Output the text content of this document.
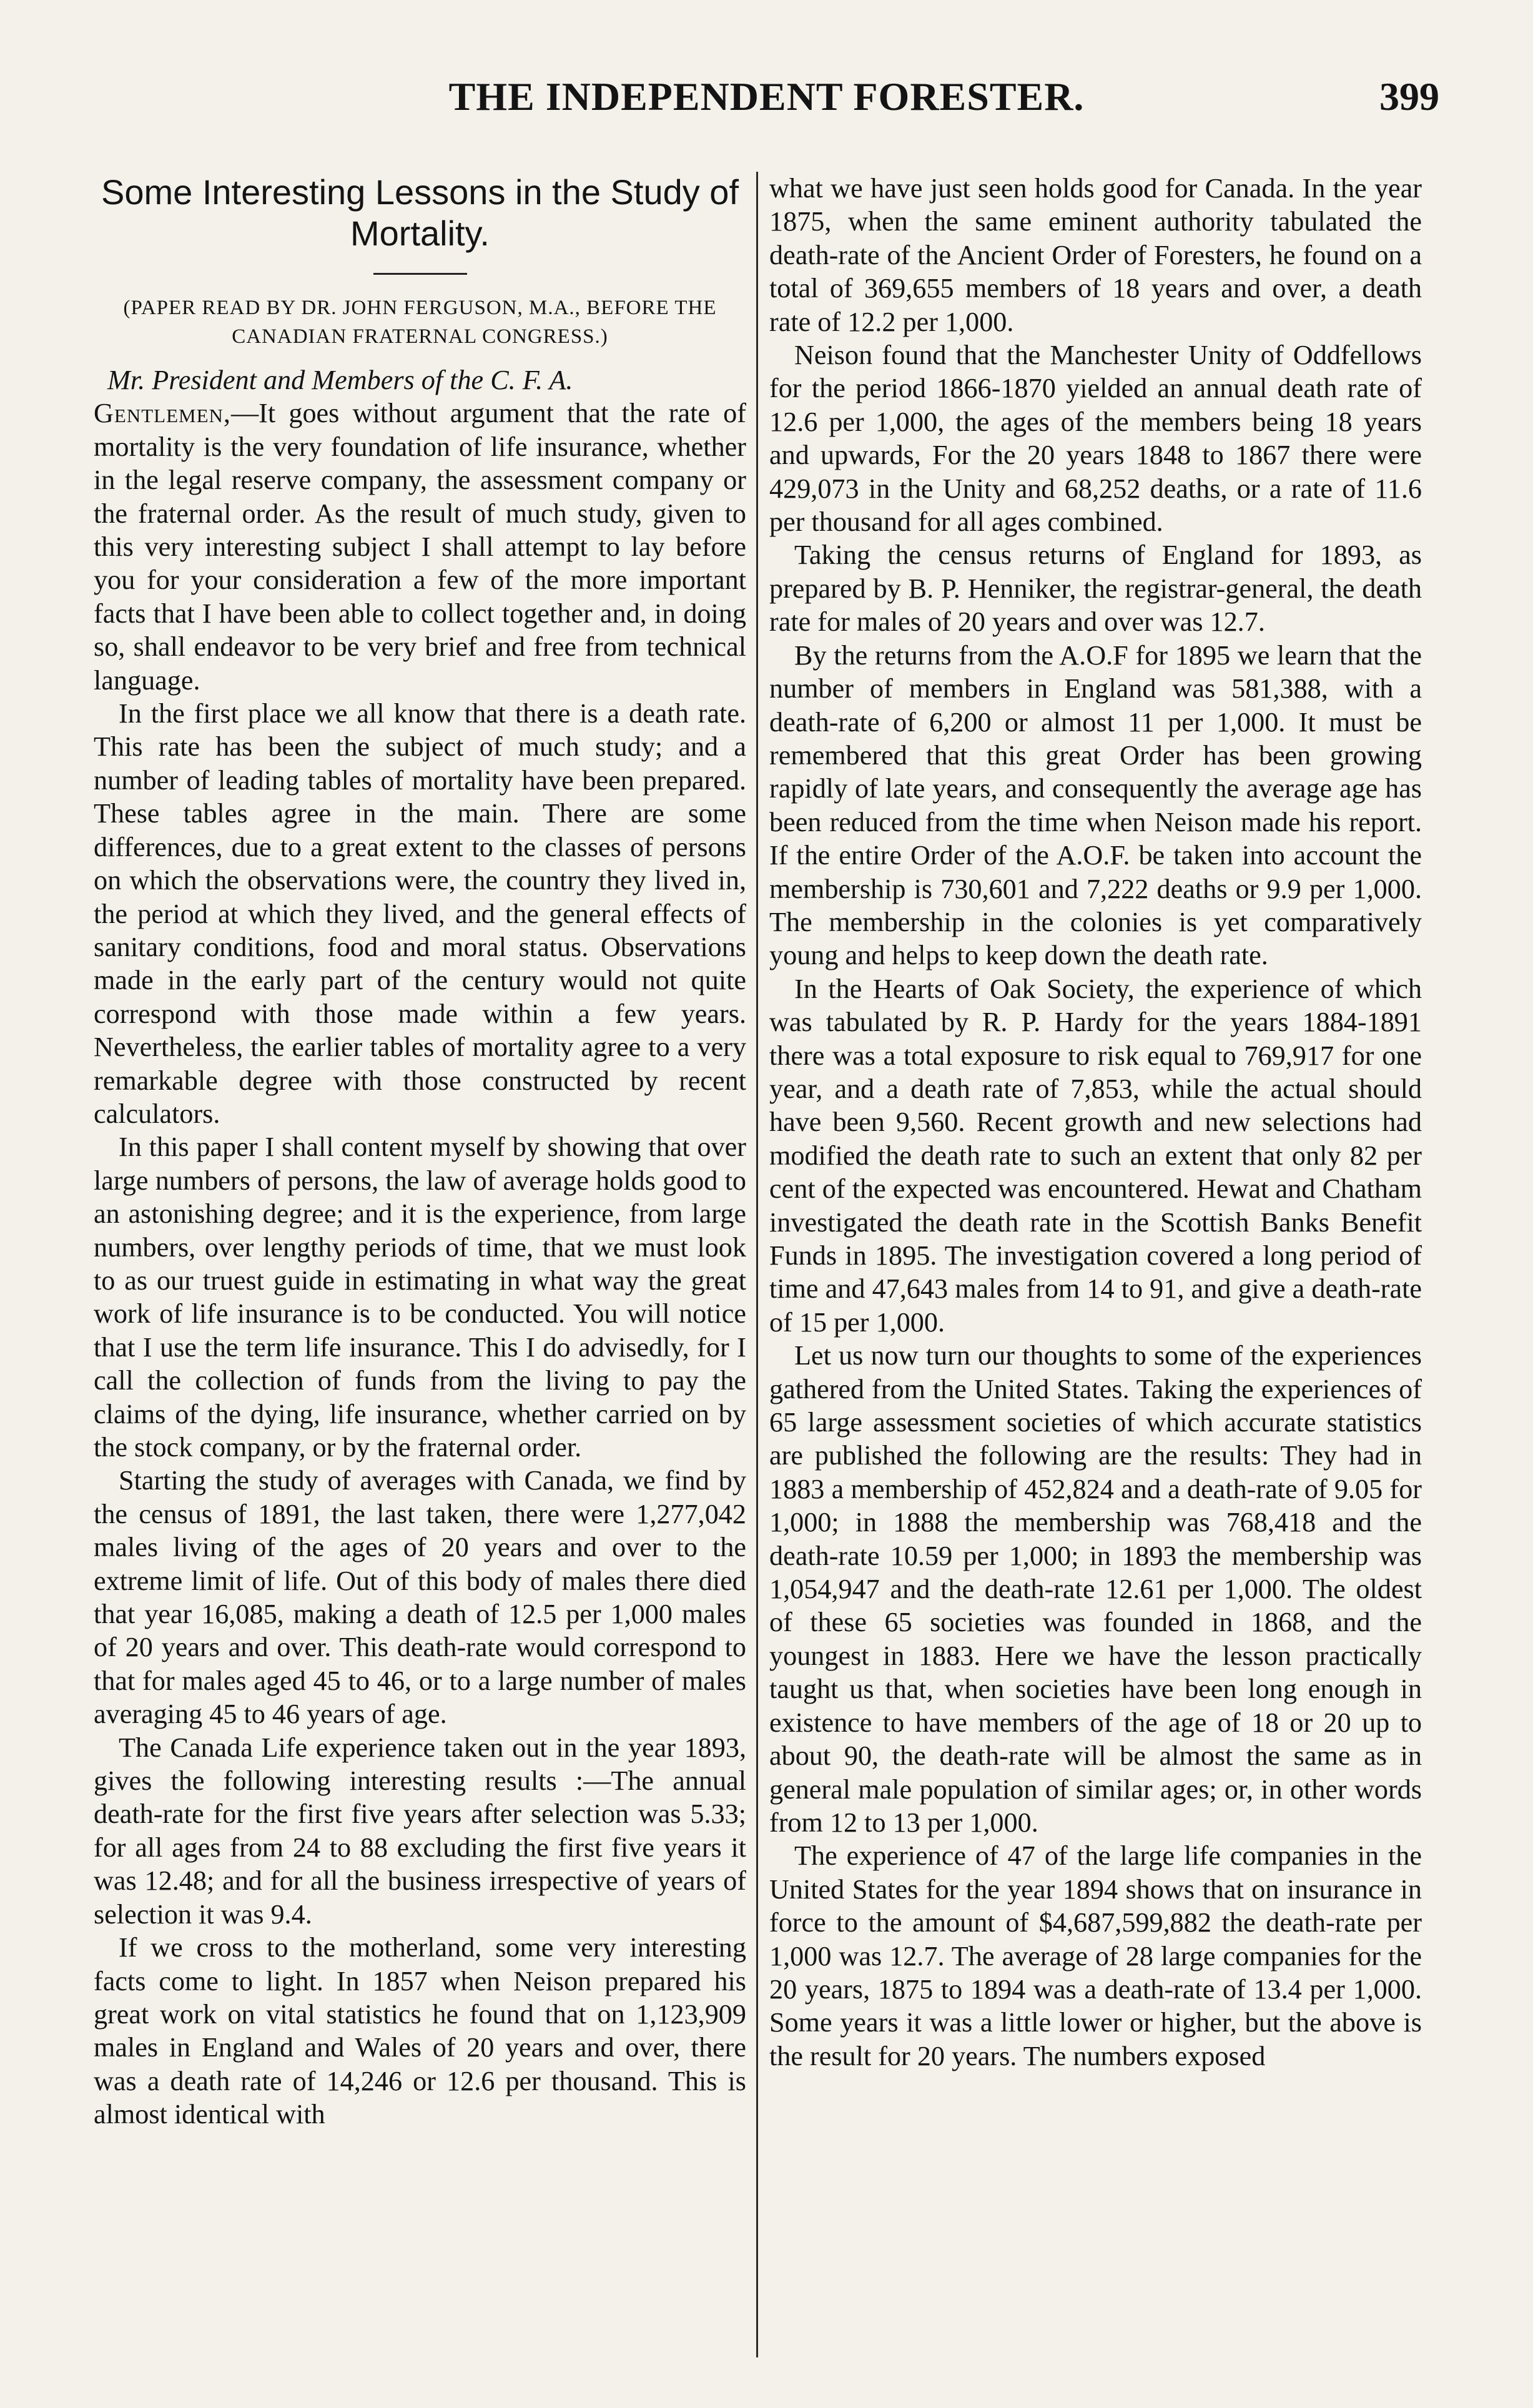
THE INDEPENDENT FORESTER.	399
Some Interesting Lessons in the Study of Mortality.

(PAPER READ BY DR. JOHN FERGUSON, M.A., BEFORE THE CANADIAN FRATERNAL CONGRESS.)

Mr. President and Members of the C. F. A.

Gentlemen,—It goes without argument that the rate of mortality is the very foundation of life insurance, whether in the legal reserve company, the assessment company or the fraternal order. As the result of much study, given to this very interesting subject I shall attempt to lay before you for your consideration a few of the more important facts that I have been able to collect together and, in doing so, shall endeavor to be very brief and free from technical language.

In the first place we all know that there is a death rate. This rate has been the subject of much study; and a number of leading tables of mortality have been prepared. These tables agree in the main. There are some differences, due to a great extent to the classes of persons on which the observations were, the country they lived in, the period at which they lived, and the general effects of sanitary conditions, food and moral status. Observations made in the early part of the century would not quite correspond with those made within a few years. Nevertheless, the earlier tables of mortality agree to a very remarkable degree with those constructed by recent calculators.

In this paper I shall content myself by showing that over large numbers of persons, the law of average holds good to an astonishing degree; and it is the experience, from large numbers, over lengthy periods of time, that we must look to as our truest guide in estimating in what way the great work of life insurance is to be conducted. You will notice that I use the term life insurance. This I do advisedly, for I call the collection of funds from the living to pay the claims of the dying, life insurance, whether carried on by the stock company, or by the fraternal order.

Starting the study of averages with Canada, we find by the census of 1891, the last taken, there were 1,277,042 males living of the ages of 20 years and over to the extreme limit of life. Out of this body of males there died that year 16,085, making a death of 12.5 per 1,000 males of 20 years and over. This death-rate would correspond to that for males aged 45 to 46, or to a large number of males averaging 45 to 46 years of age.

The Canada Life experience taken out in the year 1893, gives the following interesting results :—The annual death-rate for the first five years after selection was 5.33; for all ages from 24 to 88 excluding the first five years it was 12.48; and for all the business irrespective of years of selection it was 9.4.

If we cross to the motherland, some very interesting facts come to light. In 1857 when Neison prepared his great work on vital statistics he found that on 1,123,909 males in England and Wales of 20 years and over, there was a death rate of 14,246 or 12.6 per thousand. This is almost identical with

what we have just seen holds good for Canada. In the year 1875, when the same eminent authority tabulated the death-rate of the Ancient Order of Foresters, he found on a total of 369,655 members of 18 years and over, a death rate of 12.2 per 1,000.

Neison found that the Manchester Unity of Oddfellows for the period 1866-1870 yielded an annual death rate of 12.6 per 1,000, the ages of the members being 18 years and upwards, For the 20 years 1848 to 1867 there were 429,073 in the Unity and 68,252 deaths, or a rate of 11.6 per thousand for all ages combined.

Taking the census returns of England for 1893, as prepared by B. P. Henniker, the registrar-general, the death rate for males of 20 years and over was 12.7.

By the returns from the A.O.F for 1895 we learn that the number of members in England was 581,388, with a death-rate of 6,200 or almost 11 per 1,000. It must be remembered that this great Order has been growing rapidly of late years, and consequently the average age has been reduced from the time when Neison made his report. If the entire Order of the A.O.F. be taken into account the membership is 730,601 and 7,222 deaths or 9.9 per 1,000. The membership in the colonies is yet comparatively young and helps to keep down the death rate.

In the Hearts of Oak Society, the experience of which was tabulated by R. P. Hardy for the years 1884-1891 there was a total exposure to risk equal to 769,917 for one year, and a death rate of 7,853, while the actual should have been 9,560. Recent growth and new selections had modified the death rate to such an extent that only 82 per cent of the expected was encountered. Hewat and Chatham investigated the death rate in the Scottish Banks Benefit Funds in 1895. The investigation covered a long period of time and 47,643 males from 14 to 91, and give a death-rate of 15 per 1,000.

Let us now turn our thoughts to some of the experiences gathered from the United States. Taking the experiences of 65 large assessment societies of which accurate statistics are published the following are the results: They had in 1883 a membership of 452,824 and a death-rate of 9.05 for 1,000; in 1888 the membership was 768,418 and the death-rate 10.59 per 1,000; in 1893 the membership was 1,054,947 and the death-rate 12.61 per 1,000. The oldest of these 65 societies was founded in 1868, and the youngest in 1883. Here we have the lesson practically taught us that, when societies have been long enough in existence to have members of the age of 18 or 20 up to about 90, the death-rate will be almost the same as in general male population of similar ages; or, in other words from 12 to 13 per 1,000.

The experience of 47 of the large life companies in the United States for the year 1894 shows that on insurance in force to the amount of $4,687,599,882 the death-rate per 1,000 was 12.7. The average of 28 large companies for the 20 years, 1875 to 1894 was a death-rate of 13.4 per 1,000. Some years it was a little lower or higher, but the above is the result for 20 years. The numbers exposed
